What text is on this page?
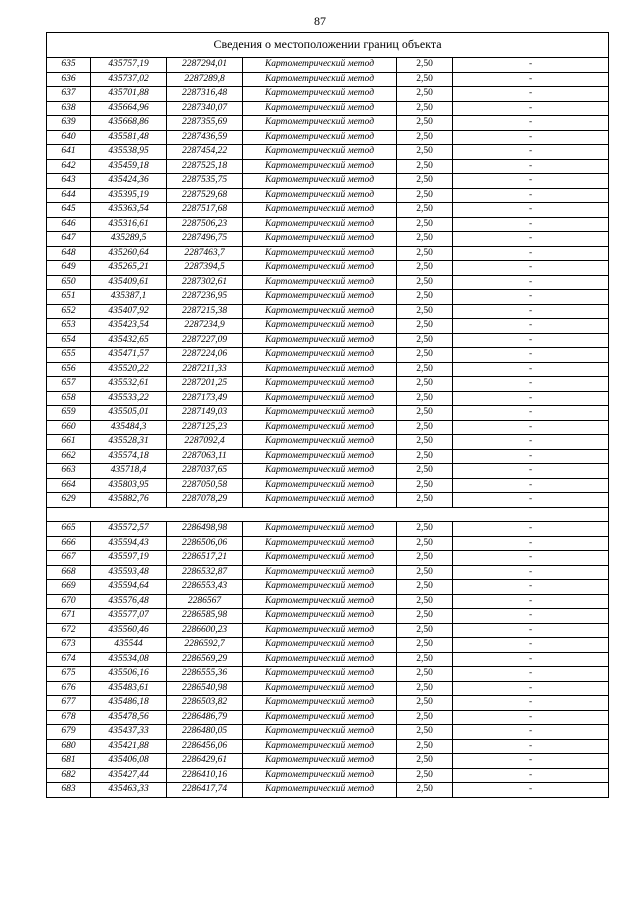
87
Сведения о местоположении границ объекта					
635	435757,19	2287294,01	Картометрический метод	2,50	-
636	435737,02	2287289,8	Картометрический метод	2,50	-
637	435701,88	2287316,48	Картометрический метод	2,50	-
638	435664,96	2287340,07	Картометрический метод	2,50	-
639	435668,86	2287355,69	Картометрический метод	2,50	-
640	435581,48	2287436,59	Картометрический метод	2,50	-
641	435538,95	2287454,22	Картометрический метод	2,50	-
642	435459,18	2287525,18	Картометрический метод	2,50	-
643	435424,36	2287535,75	Картометрический метод	2,50	-
644	435395,19	2287529,68	Картометрический метод	2,50	-
645	435363,54	2287517,68	Картометрический метод	2,50	-
646	435316,61	2287506,23	Картометрический метод	2,50	-
647	435289,5	2287496,75	Картометрический метод	2,50	-
648	435260,64	2287463,7	Картометрический метод	2,50	-
649	435265,21	2287394,5	Картометрический метод	2,50	-
650	435409,61	2287302,61	Картометрический метод	2,50	-
651	435387,1	2287236,95	Картометрический метод	2,50	-
652	435407,92	2287215,38	Картометрический метод	2,50	-
653	435423,54	2287234,9	Картометрический метод	2,50	-
654	435432,65	2287227,09	Картометрический метод	2,50	-
655	435471,57	2287224,06	Картометрический метод	2,50	-
656	435520,22	2287211,33	Картометрический метод	2,50	-
657	435532,61	2287201,25	Картометрический метод	2,50	-
658	435533,22	2287173,49	Картометрический метод	2,50	-
659	435505,01	2287149,03	Картометрический метод	2,50	-
660	435484,3	2287125,23	Картометрический метод	2,50	-
661	435528,31	2287092,4	Картометрический метод	2,50	-
662	435574,18	2287063,11	Картометрический метод	2,50	-
663	435718,4	2287037,65	Картометрический метод	2,50	-
664	435803,95	2287050,58	Картометрический метод	2,50	-
629	435882,76	2287078,29	Картометрический метод	2,50	-

665	435572,57	2286498,98	Картометрический метод	2,50	-
666	435594,43	2286506,06	Картометрический метод	2,50	-
667	435597,19	2286517,21	Картометрический метод	2,50	-
668	435593,48	2286532,87	Картометрический метод	2,50	-
669	435594,64	2286553,43	Картометрический метод	2,50	-
670	435576,48	2286567	Картометрический метод	2,50	-
671	435577,07	2286585,98	Картометрический метод	2,50	-
672	435560,46	2286600,23	Картометрический метод	2,50	-
673	435544	2286592,7	Картометрический метод	2,50	-
674	435534,08	2286569,29	Картометрический метод	2,50	-
675	435506,16	2286555,36	Картометрический метод	2,50	-
676	435483,61	2286540,98	Картометрический метод	2,50	-
677	435486,18	2286503,82	Картометрический метод	2,50	-
678	435478,56	2286486,79	Картометрический метод	2,50	-
679	435437,33	2286480,05	Картометрический метод	2,50	-
680	435421,88	2286456,06	Картометрический метод	2,50	-
681	435406,08	2286429,61	Картометрический метод	2,50	-
682	435427,44	2286410,16	Картометрический метод	2,50	-
683	435463,33	2286417,74	Картометрический метод	2,50	-
